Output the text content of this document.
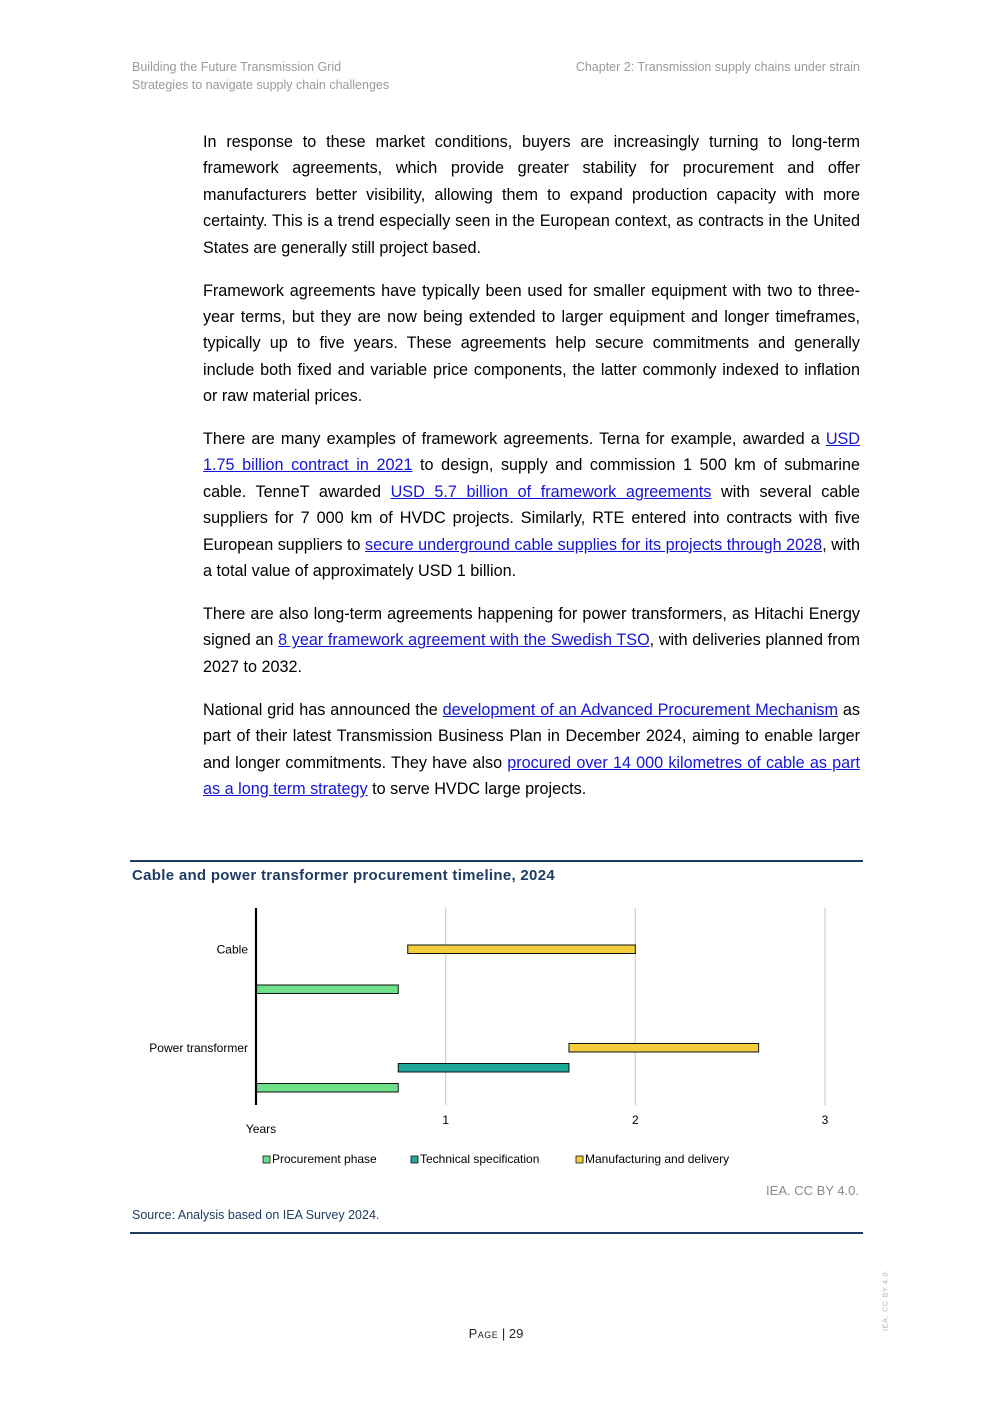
Building the Future Transmission Grid
Strategies to navigate supply chain challenges
Chapter 2: Transmission supply chains under strain

In response to these market conditions, buyers are increasingly turning to long-term framework agreements, which provide greater stability for procurement and offer manufacturers better visibility, allowing them to expand production capacity with more certainty. This is a trend especially seen in the European context, as contracts in the United States are generally still project based.

Framework agreements have typically been used for smaller equipment with two to three-year terms, but they are now being extended to larger equipment and longer timeframes, typically up to five years. These agreements help secure commitments and generally include both fixed and variable price components, the latter commonly indexed to inflation or raw material prices.

There are many examples of framework agreements. Terna for example, awarded a USD 1.75 billion contract in 2021 to design, supply and commission 1 500 km of submarine cable. TenneT awarded USD 5.7 billion of framework agreements with several cable suppliers for 7 000 km of HVDC projects. Similarly, RTE entered into contracts with five European suppliers to secure underground cable supplies for its projects through 2028, with a total value of approximately USD 1 billion.

There are also long-term agreements happening for power transformers, as Hitachi Energy signed an 8 year framework agreement with the Swedish TSO, with deliveries planned from 2027 to 2032.

National grid has announced the development of an Advanced Procurement Mechanism as part of their latest Transmission Business Plan in December 2024, aiming to enable larger and longer commitments. They have also procured over 14 000 kilometres of cable as part as a long term strategy to serve HVDC large projects.

Cable and power transformer procurement timeline, 2024
Cable
Power transformer
1	2	3
Years
Procurement phase	Technical specification	Manufacturing and delivery
IEA. CC BY 4.0.
Source: Analysis based on IEA Survey 2024.
Page | 29
IEA. CC BY 4.0.
